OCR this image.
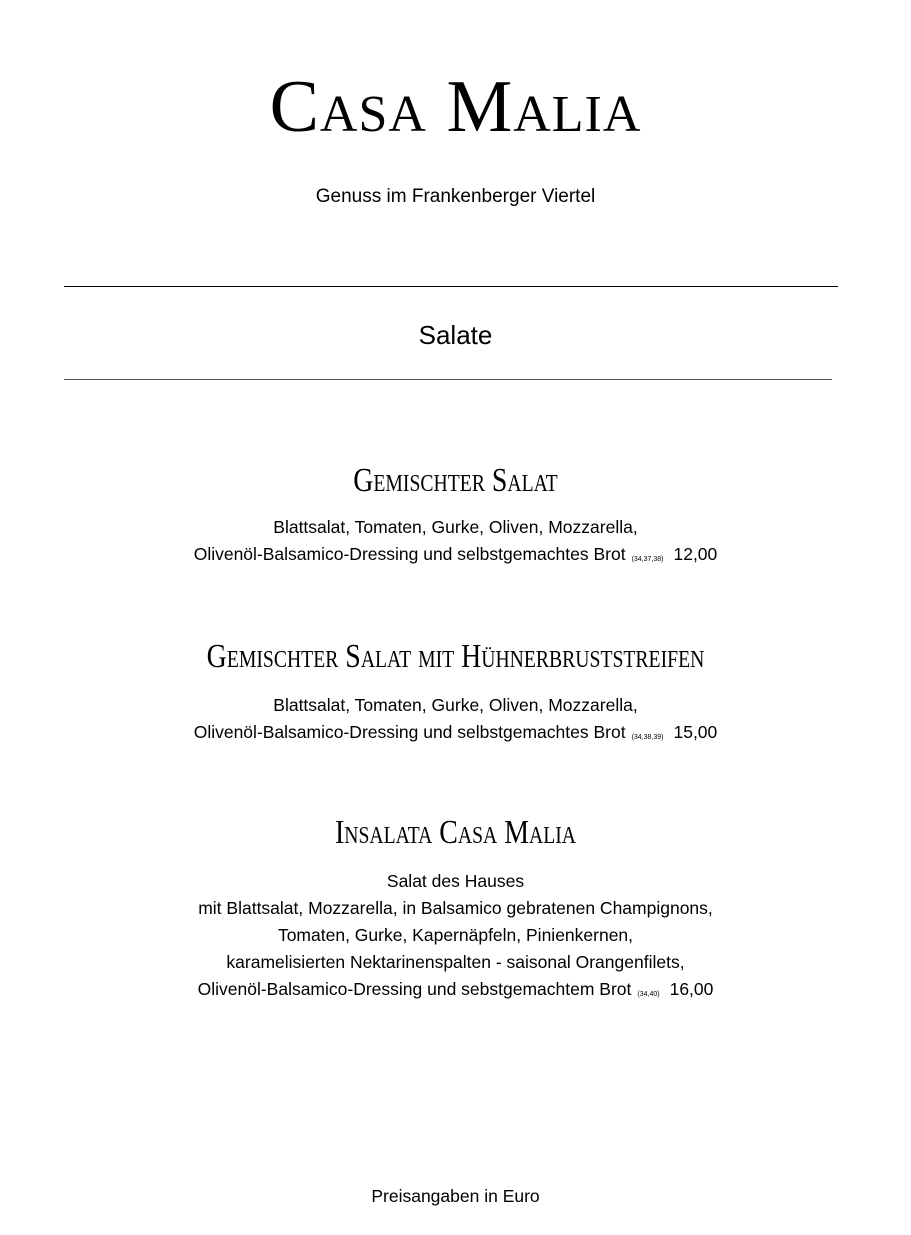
Casa Malia
Genuss im Frankenberger Viertel
Salate
Gemischter Salat
Blattsalat, Tomaten, Gurke, Oliven, Mozzarella,
Olivenöl-Balsamico-Dressing und selbstgemachtes Brot (34,37,38) 12,00
Gemischter Salat mit Hühnerbruststreifen
Blattsalat, Tomaten, Gurke, Oliven, Mozzarella,
Olivenöl-Balsamico-Dressing und selbstgemachtes Brot (34,38,39) 15,00
Insalata Casa Malia
Salat des Hauses
mit Blattsalat, Mozzarella, in Balsamico gebratenen Champignons,
Tomaten, Gurke, Kapernäpfeln, Pinienkernen,
karamelisierten Nektarinenspalten - saisonal Orangenfilets,
Olivenöl-Balsamico-Dressing und sebstgemachtem Brot (34,40) 16,00
Preisangaben in Euro
